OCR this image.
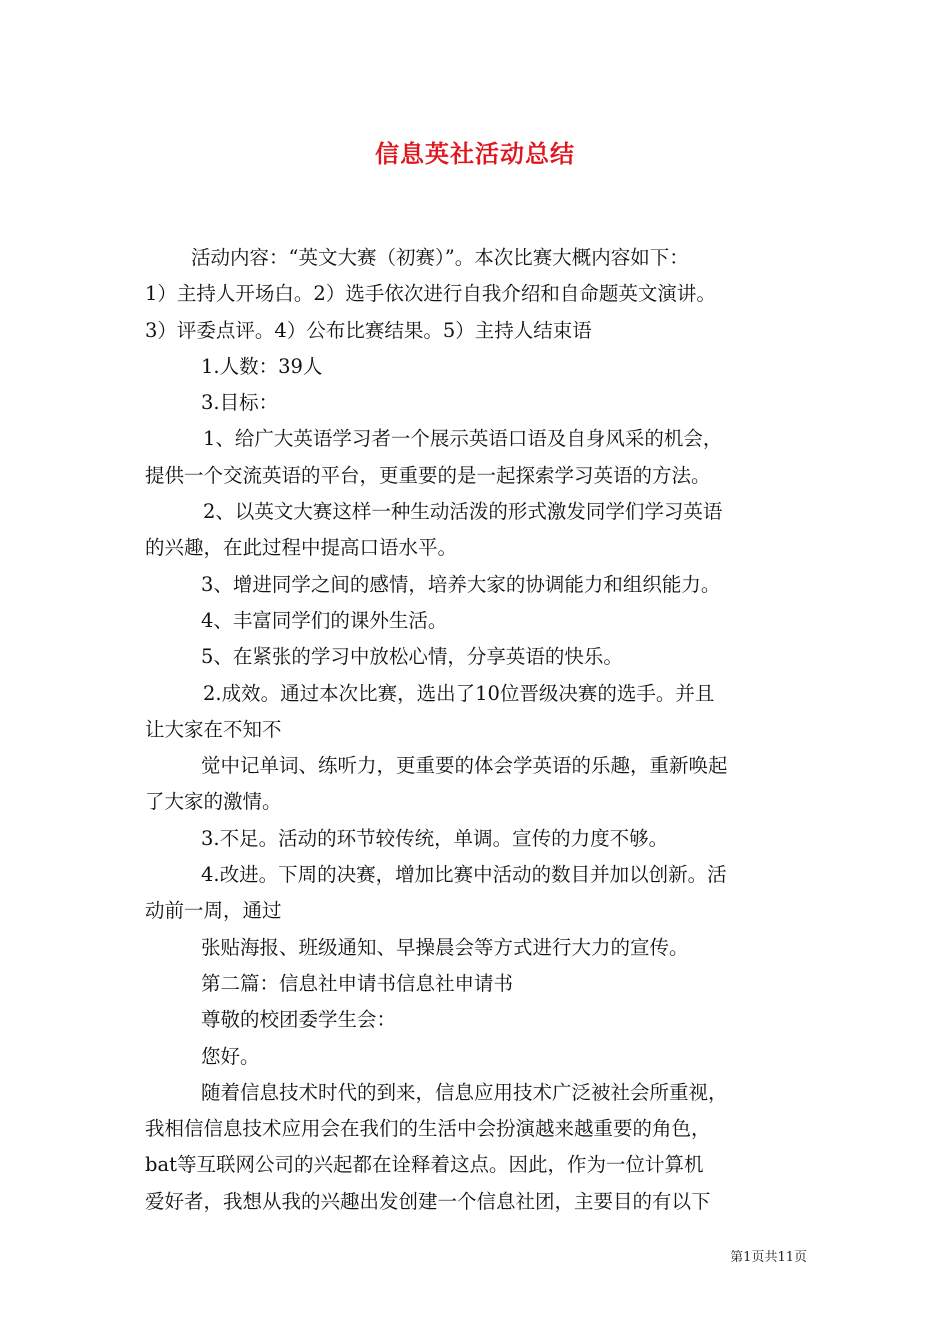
信息英社活动总结
活动内容：“英文大赛（初赛）”。本次比赛大概内容如下：
1）主持人开场白。2）选手依次进行自我介绍和自命题英文演讲。
3）评委点评。4）公布比赛结果。5）主持人结束语
1.人数：39人
3.目标：
1、给广大英语学习者一个展示英语口语及自身风采的机会，
提供一个交流英语的平台，更重要的是一起探索学习英语的方法。
2、以英文大赛这样一种生动活泼的形式激发同学们学习英语
的兴趣，在此过程中提高口语水平。
3、增进同学之间的感情，培养大家的协调能力和组织能力。
4、丰富同学们的课外生活。
5、在紧张的学习中放松心情，分享英语的快乐。
2.成效。通过本次比赛，选出了10位晋级决赛的选手。并且
让大家在不知不
觉中记单词、练听力，更重要的体会学英语的乐趣，重新唤起
了大家的激情。
3.不足。活动的环节较传统，单调。宣传的力度不够。
4.改进。下周的决赛，增加比赛中活动的数目并加以创新。活
动前一周，通过
张贴海报、班级通知、早操晨会等方式进行大力的宣传。
第二篇：信息社申请书信息社申请书
尊敬的校团委学生会：
您好。
随着信息技术时代的到来，信息应用技术广泛被社会所重视，
我相信信息技术应用会在我们的生活中会扮演越来越重要的角色，
bat等互联网公司的兴起都在诠释着这点。因此，作为一位计算机
爱好者，我想从我的兴趣出发创建一个信息社团，主要目的有以下
第1页共11页
